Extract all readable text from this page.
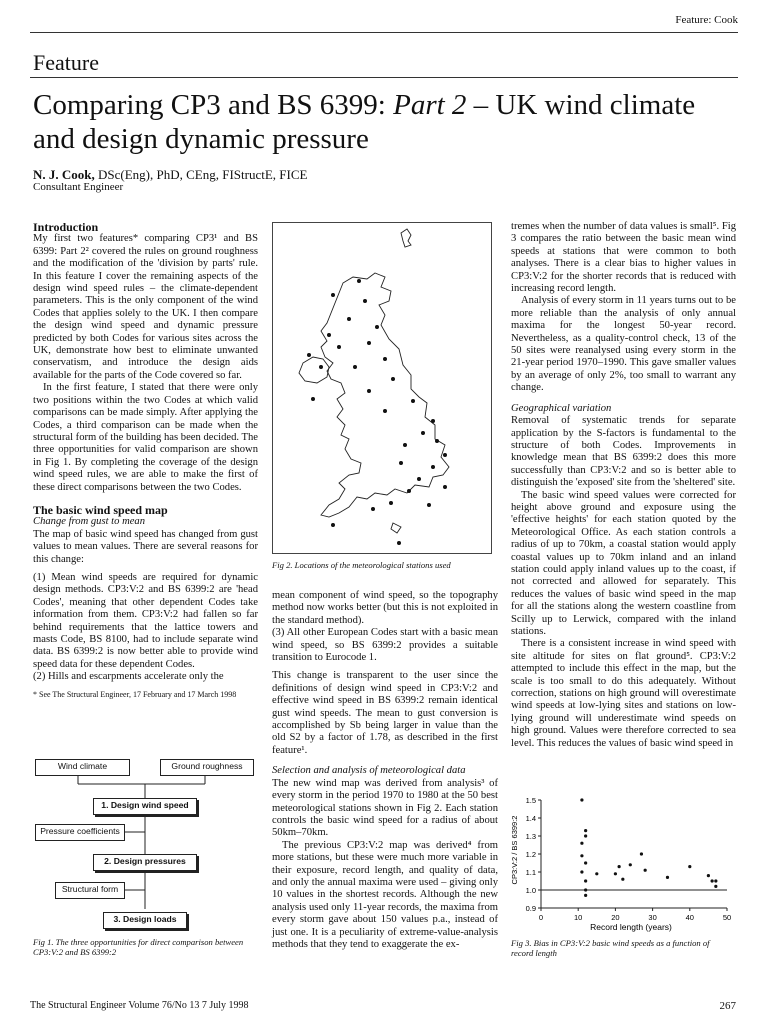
Feature: Cook
Feature
Comparing CP3 and BS 6399: Part 2 – UK wind climate and design dynamic pressure
N. J. Cook, DSc(Eng), PhD, CEng, FIStructE, FICE
Consultant Engineer
Introduction

My first two features* comparing CP3¹ and BS 6399: Part 2² covered the rules on ground roughness and the modification of the 'division by parts' rule. In this feature I cover the remaining aspects of the design wind speed rules – the climate-dependent parameters. This is the only component of the wind Codes that applies solely to the UK. I then compare the design wind speed and dynamic pressure predicted by both Codes for various sites across the UK, demonstrate how best to eliminate unwanted conservatism, and introduce the design aids available for the parts of the Code covered so far.

In the first feature, I stated that there were only two positions within the two Codes at which valid comparisons can be made simply. After applying the Codes, a third comparison can be made when the structural form of the building has been decided. The three opportunities for valid comparison are shown in Fig 1. By completing the coverage of the design wind speed rules, we are able to make the first of these direct comparisons between the two Codes.

The basic wind speed map
Change from gust to mean

The map of basic wind speed has changed from gust values to mean values. There are several reasons for this change:

(1) Mean wind speeds are required for dynamic design methods. CP3:V:2 and BS 6399:2 are 'head Codes', meaning that other dependent Codes take information from them. CP3:V:2 had fallen so far behind requirements that the lattice towers and masts Code, BS 8100, had to include separate wind data. BS 6399:2 is now better able to provide wind speed data for these dependent Codes.

(2) Hills and escarpments accelerate only the

* See The Structural Engineer, 17 February and 17 March 1998
Wind climate	Ground roughness
1. Design wind speed
Pressure coefficients
2. Design pressures
Structural form
3. Design loads
Fig 1. The three opportunities for direct comparison between CP3:V:2 and BS 6399:2
Fig 2. Locations of the meteorological stations used

mean component of wind speed, so the topography method now works better (but this is not exploited in the standard method).

(3) All other European Codes start with a basic mean wind speed, so BS 6399:2 provides a suitable transition to Eurocode 1.

This change is transparent to the user since the definitions of design wind speed in CP3:V:2 and effective wind speed in BS 6399:2 remain identical gust wind speeds. The mean to gust conversion is accomplished by Sb being larger in value than the old S2 by a factor of 1.78, as described in the first feature¹.

Selection and analysis of meteorological data

The new wind map was derived from analysis³ of every storm in the period 1970 to 1980 at the 50 best meteorological stations shown in Fig 2. Each station controls the basic wind speed for a radius of about 50km–70km.

The previous CP3:V:2 map was derived⁴ from more stations, but these were much more variable in their exposure, record length, and quality of data, and only the annual maxima were used – giving only 10 values in the shortest records. Although the new analysis used only 11-year records, the maxima from every storm gave about 150 values p.a., instead of just one. It is a peculiarity of extreme-value-analysis methods that they tend to exaggerate the ex-

tremes when the number of data values is small⁵. Fig 3 compares the ratio between the basic mean wind speeds at stations that were common to both analyses. There is a clear bias to higher values in CP3:V:2 for the shorter records that is reduced with increasing record length.

Analysis of every storm in 11 years turns out to be more reliable than the analysis of only annual maxima for the longest 50-year record. Nevertheless, as a quality-control check, 13 of the 50 sites were reanalysed using every storm in the 21-year period 1970–1990. This gave smaller values by an average of only 2%, too small to warrant any change.

Geographical variation

Removal of systematic trends for separate application by the S-factors is fundamental to the structure of both Codes. Improvements in knowledge mean that BS 6399:2 does this more successfully than CP3:V:2 and so is better able to distinguish the 'exposed' site from the 'sheltered' site.

The basic wind speed values were corrected for height above ground and exposure using the 'effective heights' for each station quoted by the Meteorological Office. As each station controls a radius of up to 70km, a coastal station would apply coastal values up to 70km inland and an inland station could apply inland values up to the coast, if not corrected and allowed for separately. This reduces the values of basic wind speed in the map for all the stations along the western coastline from Scilly up to Lerwick, compared with the inland stations.

There is a consistent increase in wind speed with site altitude for sites on flat ground⁵. CP3:V:2 attempted to include this effect in the map, but the scale is too small to do this adequately. Without correction, stations on high ground will overestimate wind speeds at low-lying sites and stations on low-lying ground will underestimate wind speeds on high ground. Values were therefore corrected to sea level. This reduces the values of basic wind speed in

0.9
1.0
1.1
1.2
1.3
1.4
1.5
0	10	20	30	40	50
Record length (years)
CP3:V:2 / BS 6399:2
Fig 3. Bias in CP3:V:2 basic wind speeds as a function of record length
The Structural Engineer Volume 76/No 13 7 July 1998	267
